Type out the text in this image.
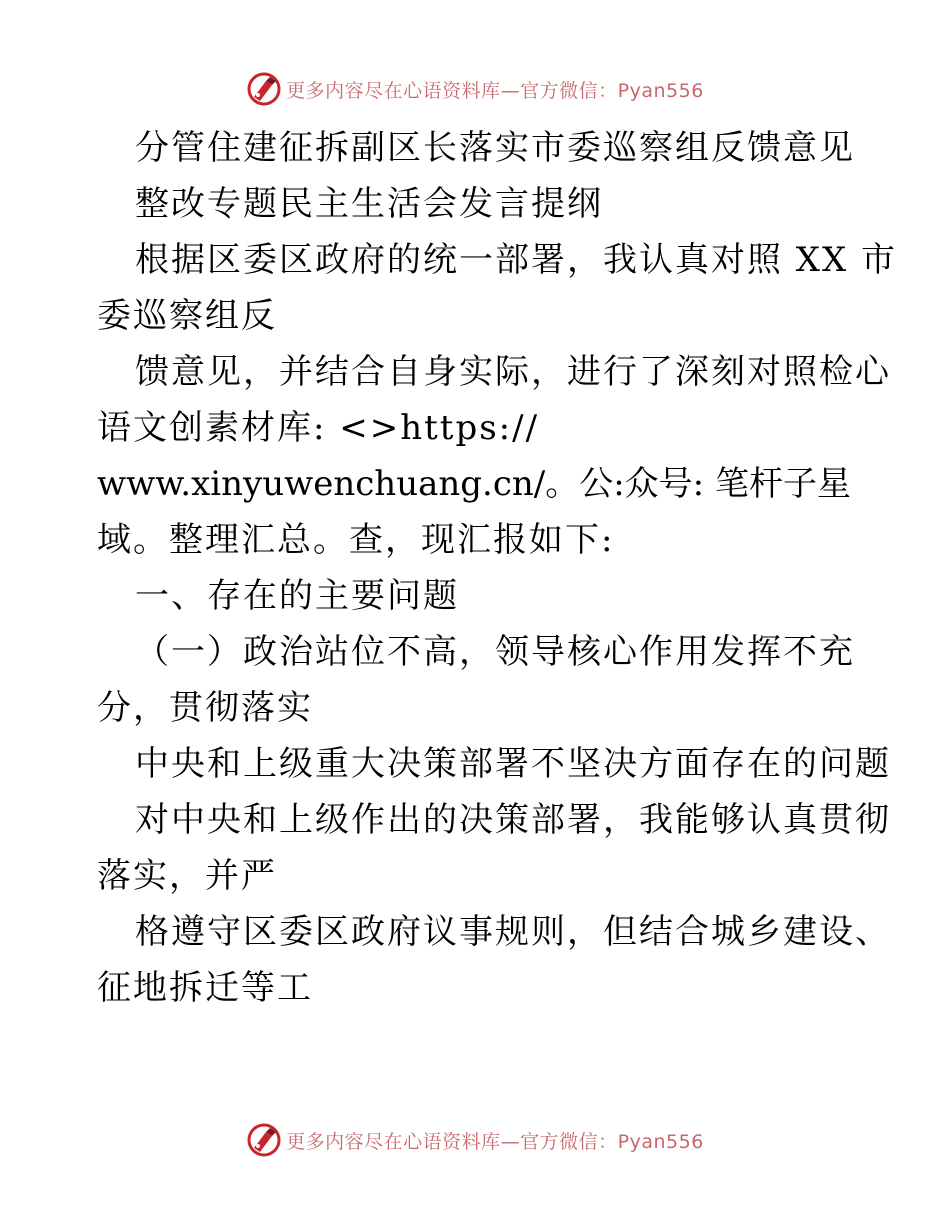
更多内容尽在心语资料库—官方微信：Pyan556
分管住建征拆副区长落实市委巡察组反馈意见
整改专题民主生活会发言提纲
根据区委区政府的统一部署，我认真对照 XX 市
委巡察组反
馈意见，并结合自身实际，进行了深刻对照检心
语文创素材库: <>https://
www.xinyuwenchuang.cn/。公:众号: 笔杆子星
域。整理汇总。查，现汇报如下:
一、存在的主要问题
（一）政治站位不高，领导核心作用发挥不充
分，贯彻落实
中央和上级重大决策部署不坚决方面存在的问题
对中央和上级作出的决策部署，我能够认真贯彻
落实，并严
格遵守区委区政府议事规则，但结合城乡建设、
征地拆迁等工
更多内容尽在心语资料库—官方微信：Pyan556
